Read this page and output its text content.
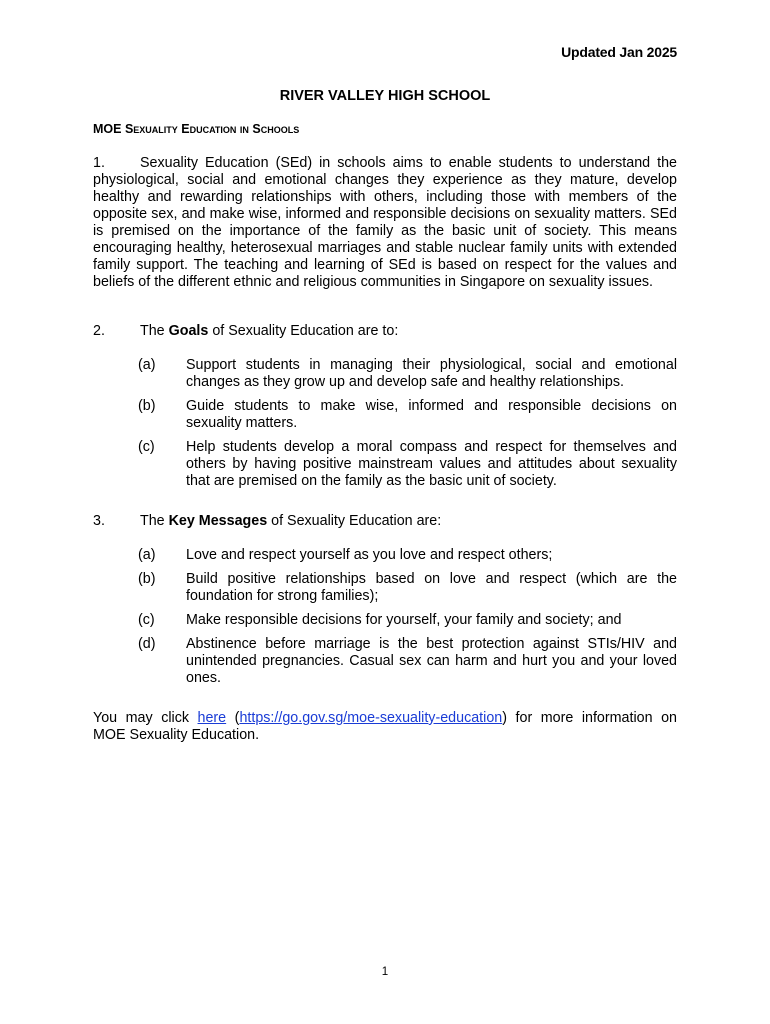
Updated Jan 2025
RIVER VALLEY HIGH SCHOOL
MOE Sexuality Education in Schools
1. Sexuality Education (SEd) in schools aims to enable students to understand the physiological, social and emotional changes they experience as they mature, develop healthy and rewarding relationships with others, including those with members of the opposite sex, and make wise, informed and responsible decisions on sexuality matters. SEd is premised on the importance of the family as the basic unit of society. This means encouraging healthy, heterosexual marriages and stable nuclear family units with extended family support. The teaching and learning of SEd is based on respect for the values and beliefs of the different ethnic and religious communities in Singapore on sexuality issues.
2. The Goals of Sexuality Education are to:
(a) Support students in managing their physiological, social and emotional changes as they grow up and develop safe and healthy relationships.
(b) Guide students to make wise, informed and responsible decisions on sexuality matters.
(c) Help students develop a moral compass and respect for themselves and others by having positive mainstream values and attitudes about sexuality that are premised on the family as the basic unit of society.
3. The Key Messages of Sexuality Education are:
(a) Love and respect yourself as you love and respect others;
(b) Build positive relationships based on love and respect (which are the foundation for strong families);
(c) Make responsible decisions for yourself, your family and society; and
(d) Abstinence before marriage is the best protection against STIs/HIV and unintended pregnancies. Casual sex can harm and hurt you and your loved ones.
You may click here (https://go.gov.sg/moe-sexuality-education) for more information on MOE Sexuality Education.
1
